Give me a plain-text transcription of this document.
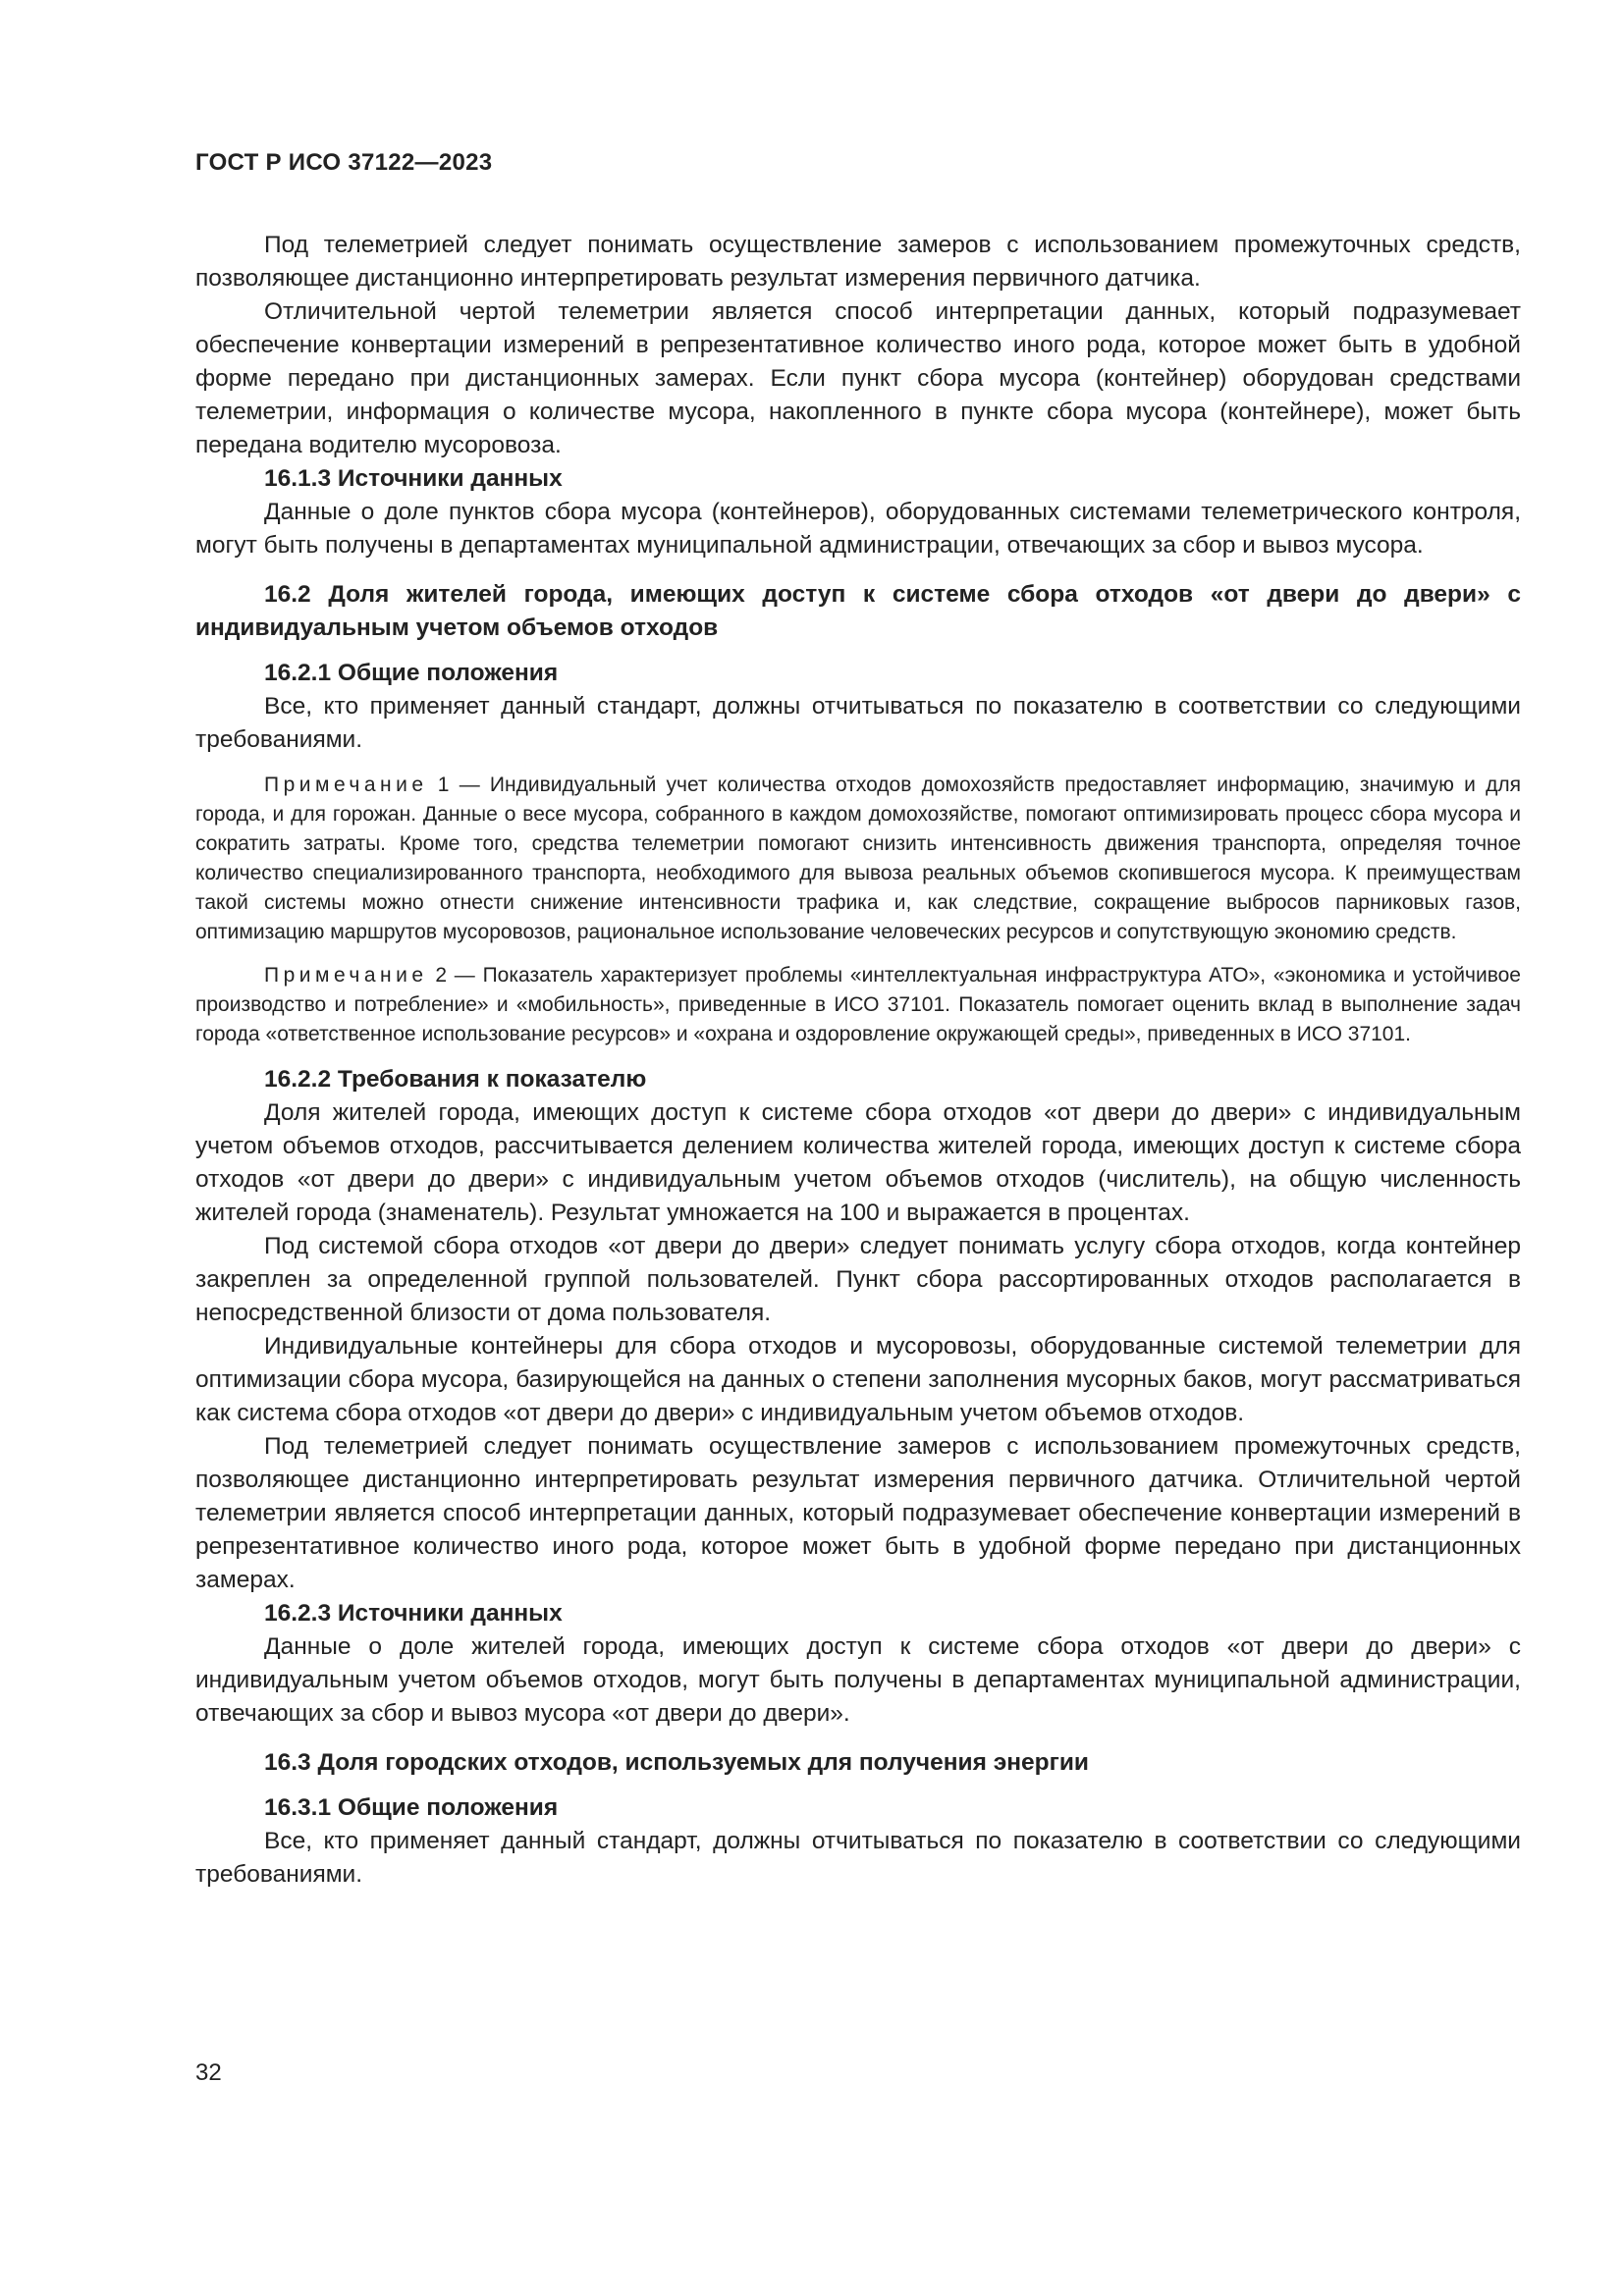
ГОСТ Р ИСО 37122—2023

Под телеметрией следует понимать осуществление замеров с использованием промежуточных средств, позволяющее дистанционно интерпретировать результат измерения первичного датчика.

Отличительной чертой телеметрии является способ интерпретации данных, который подразумевает обеспечение конвертации измерений в репрезентативное количество иного рода, которое может быть в удобной форме передано при дистанционных замерах. Если пункт сбора мусора (контейнер) оборудован средствами телеметрии, информация о количестве мусора, накопленного в пункте сбора мусора (контейнере), может быть передана водителю мусоровоза.

16.1.3 Источники данных

Данные о доле пунктов сбора мусора (контейнеров), оборудованных системами телеметрического контроля, могут быть получены в департаментах муниципальной администрации, отвечающих за сбор и вывоз мусора.

16.2 Доля жителей города, имеющих доступ к системе сбора отходов «от двери до двери» с индивидуальным учетом объемов отходов

16.2.1 Общие положения

Все, кто применяет данный стандарт, должны отчитываться по показателю в соответствии со следующими требованиями.

Примечание 1 — Индивидуальный учет количества отходов домохозяйств предоставляет информацию, значимую и для города, и для горожан. Данные о весе мусора, собранного в каждом домохозяйстве, помогают оптимизировать процесс сбора мусора и сократить затраты. Кроме того, средства телеметрии помогают снизить интенсивность движения транспорта, определяя точное количество специализированного транспорта, необходимого для вывоза реальных объемов скопившегося мусора. К преимуществам такой системы можно отнести снижение интенсивности трафика и, как следствие, сокращение выбросов парниковых газов, оптимизацию маршрутов мусоровозов, рациональное использование человеческих ресурсов и сопутствующую экономию средств.

Примечание 2 — Показатель характеризует проблемы «интеллектуальная инфраструктура АТО», «экономика и устойчивое производство и потребление» и «мобильность», приведенные в ИСО 37101. Показатель помогает оценить вклад в выполнение задач города «ответственное использование ресурсов» и «охрана и оздоровление окружающей среды», приведенных в ИСО 37101.

16.2.2 Требования к показателю

Доля жителей города, имеющих доступ к системе сбора отходов «от двери до двери» с индивидуальным учетом объемов отходов, рассчитывается делением количества жителей города, имеющих доступ к системе сбора отходов «от двери до двери» с индивидуальным учетом объемов отходов (числитель), на общую численность жителей города (знаменатель). Результат умножается на 100 и выражается в процентах.

Под системой сбора отходов «от двери до двери» следует понимать услугу сбора отходов, когда контейнер закреплен за определенной группой пользователей. Пункт сбора рассортированных отходов располагается в непосредственной близости от дома пользователя.

Индивидуальные контейнеры для сбора отходов и мусоровозы, оборудованные системой телеметрии для оптимизации сбора мусора, базирующейся на данных о степени заполнения мусорных баков, могут рассматриваться как система сбора отходов «от двери до двери» с индивидуальным учетом объемов отходов.

Под телеметрией следует понимать осуществление замеров с использованием промежуточных средств, позволяющее дистанционно интерпретировать результат измерения первичного датчика. Отличительной чертой телеметрии является способ интерпретации данных, который подразумевает обеспечение конвертации измерений в репрезентативное количество иного рода, которое может быть в удобной форме передано при дистанционных замерах.

16.2.3 Источники данных

Данные о доле жителей города, имеющих доступ к системе сбора отходов «от двери до двери» с индивидуальным учетом объемов отходов, могут быть получены в департаментах муниципальной администрации, отвечающих за сбор и вывоз мусора «от двери до двери».

16.3 Доля городских отходов, используемых для получения энергии

16.3.1 Общие положения

Все, кто применяет данный стандарт, должны отчитываться по показателю в соответствии со следующими требованиями.

32
